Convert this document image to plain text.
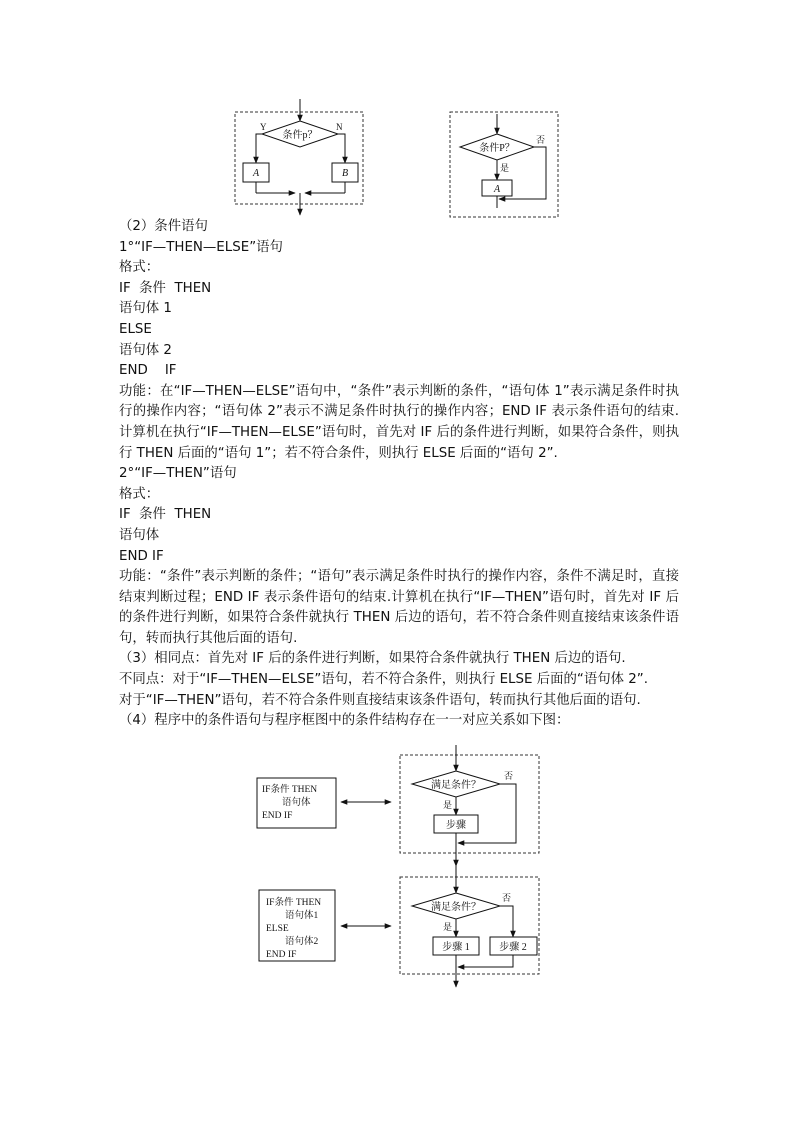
条件p？
Y	N
A	B
条件P？
否
是
A
（2）条件语句
1°“IF—THEN—ELSE”语句
格式：
IF  条件  THEN
语句体 1
ELSE
语句体 2
END    IF
功能：在“IF—THEN—ELSE”语句中，“条件”表示判断的条件，“语句体 1”表示满足条件时执行的操作内容；“语句体 2”表示不满足条件时执行的操作内容；END IF 表示条件语句的结束.计算机在执行“IF—THEN—ELSE”语句时，首先对 IF 后的条件进行判断，如果符合条件，则执行 THEN 后面的“语句 1”；若不符合条件，则执行 ELSE 后面的“语句 2”.
2°“IF—THEN”语句
格式：
IF  条件  THEN
语句体
END IF
功能：“条件”表示判断的条件；“语句”表示满足条件时执行的操作内容，条件不满足时，直接结束判断过程；END IF 表示条件语句的结束.计算机在执行“IF—THEN”语句时，首先对 IF 后的条件进行判断，如果符合条件就执行 THEN 后边的语句，若不符合条件则直接结束该条件语句，转而执行其他后面的语句.
（3）相同点：首先对 IF 后的条件进行判断，如果符合条件就执行 THEN 后边的语句.
不同点：对于“IF—THEN—ELSE”语句，若不符合条件，则执行 ELSE 后面的“语句体 2”.
对于“IF—THEN”语句，若不符合条件则直接结束该条件语句，转而执行其他后面的语句.
（4）程序中的条件语句与程序框图中的条件结构存在一一对应关系如下图：
IF条件 THEN
语句体
END IF
满足条件？
否
是
步骤
IF条件 THEN
语句体1
ELSE
语句体2
END IF
满足条件？
否
是
步骤 1	步骤 2
